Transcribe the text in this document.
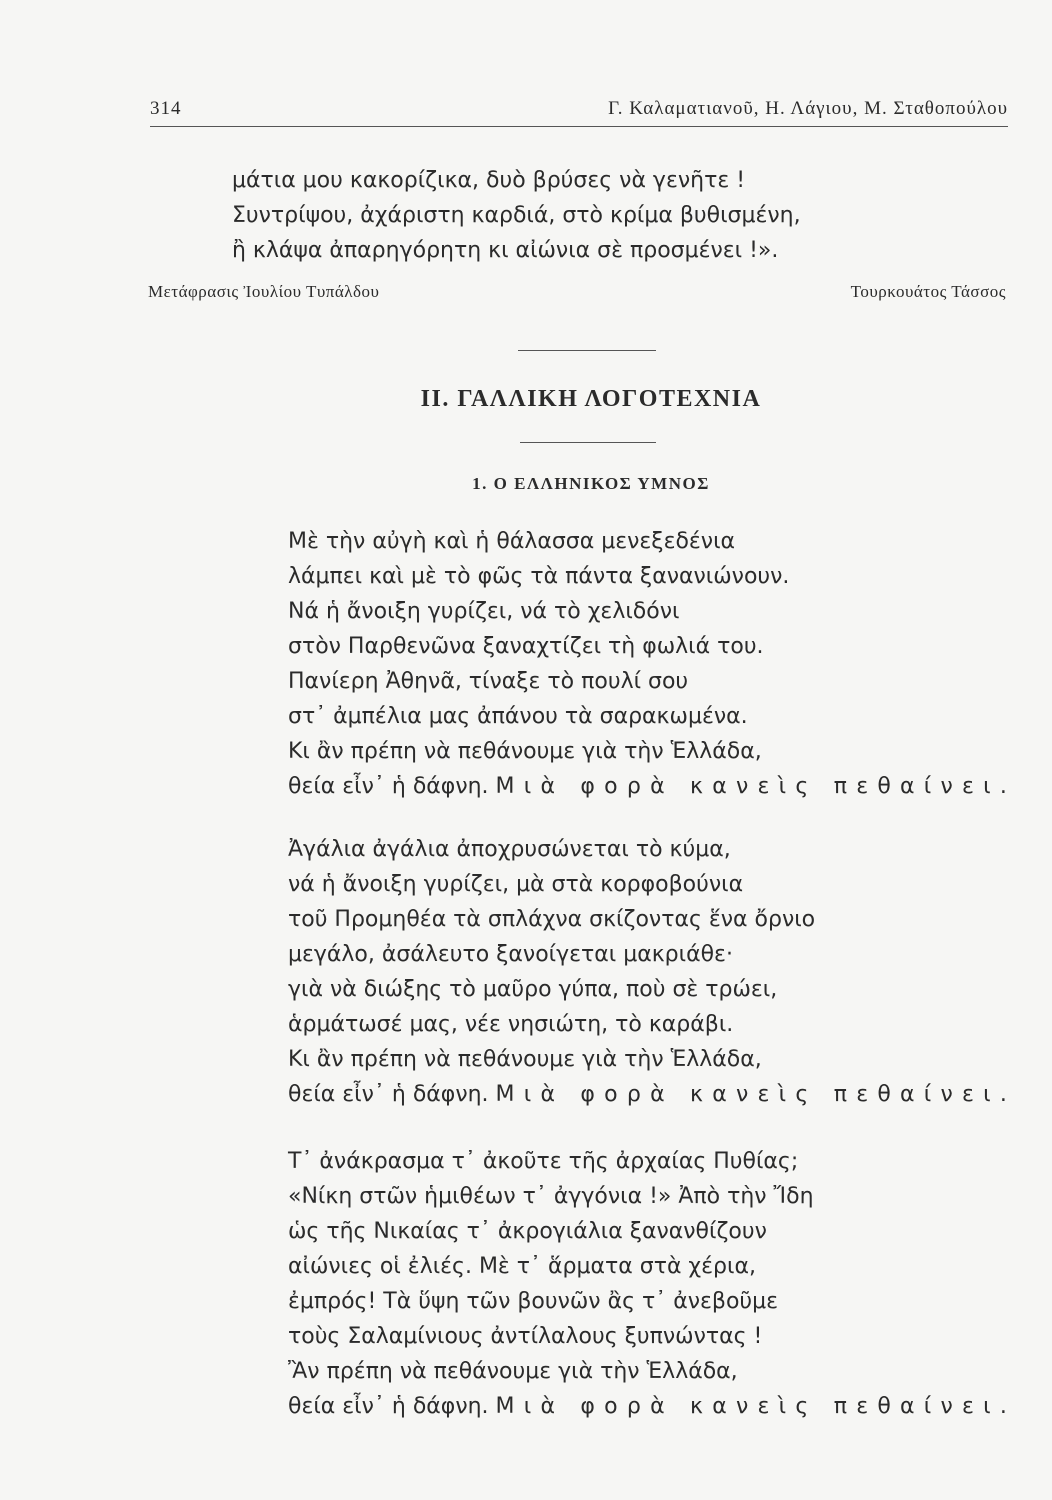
314	Γ. Καλαματιανοῦ, Η. Λάγιου, Μ. Σταθοπούλου
μάτια μου κακορίζικα, δυὸ βρύσες νὰ γενῆτε !
Συντρίψου, ἀχάριστη καρδιά, στὸ κρίμα βυθισμένη,
ἢ κλάψα ἀπαρηγόρητη κι αἰώνια σὲ προσμένει !».
Μετάφρασις Ἰουλίου Τυπάλδου	Τουρκουάτος Τάσσος
ΙΙ. ΓΑΛΛΙΚΗ ΛΟΓΟΤΕΧΝΙΑ
1. Ο ΕΛΛΗΝΙΚΟΣ ΥΜΝΟΣ
Μὲ τὴν αὐγὴ καὶ ἡ θάλασσα μενεξεδένια
λάμπει καὶ μὲ τὸ φῶς τὰ πάντα ξανανιώνουν.
Νά ἡ ἄνοιξη γυρίζει, νά τὸ χελιδόνι
στὸν Παρθενῶνα ξαναχτίζει τὴ φωλιά του.
Πανίερη Ἀθηνᾶ, τίναξε τὸ πουλί σου
στ᾽ ἀμπέλια μας ἀπάνου τὰ σαρακωμένα.
Κι ἂν πρέπη νὰ πεθάνουμε γιὰ τὴν Ἑλλάδα,
θεία εἶν᾽ ἡ δάφνη. Μιὰ φορὰ κανεὶς πεθαίνει.
Ἀγάλια ἀγάλια ἀποχρυσώνεται τὸ κύμα,
νά ἡ ἄνοιξη γυρίζει, μὰ στὰ κορφοβούνια
τοῦ Προμηθέα τὰ σπλάχνα σκίζοντας ἕνα ὄρνιο
μεγάλο, ἀσάλευτο ξανοίγεται μακριάθε·
γιὰ νὰ διώξης τὸ μαῦρο γύπα, ποὺ σὲ τρώει,
ἁρμάτωσέ μας, νέε νησιώτη, τὸ καράβι.
Κι ἂν πρέπη νὰ πεθάνουμε γιὰ τὴν Ἑλλάδα,
θεία εἶν᾽ ἡ δάφνη. Μιὰ φορὰ κανεὶς πεθαίνει.
Τ᾽ ἀνάκρασμα τ᾽ ἀκοῦτε τῆς ἀρχαίας Πυθίας;
«Νίκη στῶν ἡμιθέων τ᾽ ἀγγόνια !» Ἀπὸ τὴν Ἴδη
ὡς τῆς Νικαίας τ᾽ ἀκρογιάλια ξανανθίζουν
αἰώνιες οἱ ἐλιές. Μὲ τ᾽ ἅρματα στὰ χέρια,
ἐμπρός! Τὰ ὕψη τῶν βουνῶν ἂς τ᾽ ἀνεβοῦμε
τοὺς Σαλαμίνιους ἀντίλαλους ξυπνώντας !
Ἂν πρέπη νὰ πεθάνουμε γιὰ τὴν Ἑλλάδα,
θεία εἶν᾽ ἡ δάφνη. Μιὰ φορὰ κανεὶς πεθαίνει.
